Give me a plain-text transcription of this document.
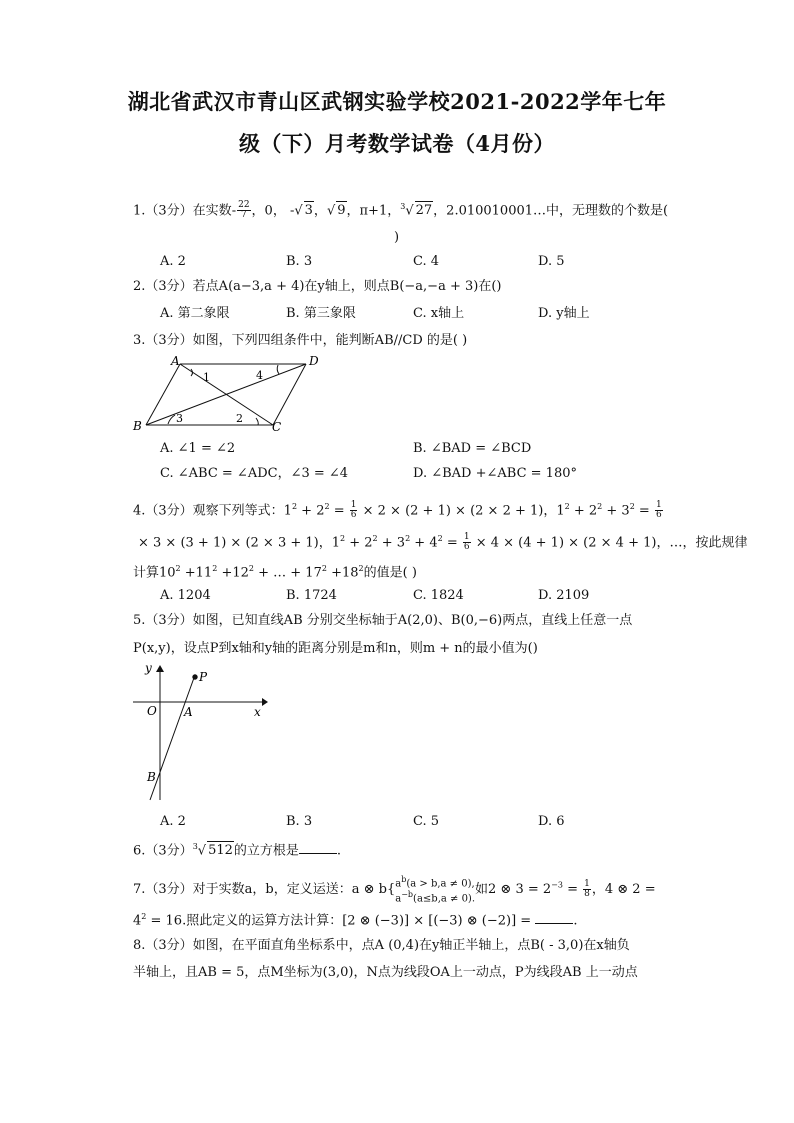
湖北省武汉市青山区武钢实验学校2021-2022学年七年
级（下）月考数学试卷（4月份）
1.（3分）在实数- $\frac{22}{7}$ ，0， -√ 3，√ 9，π+1，$^3$√ 27，2.010010001…中，无理数的个数是(
)
A. 2	B. 3	C. 4	D. 5
2.（3分）若点A(a−3,a + 4)在y轴上，则点B(−a,−a + 3)在()
A. 第二象限	B. 第三象限	C. x轴上	D. y轴上
3.（3分）如图，下列四组条件中，能判断AB//CD 的是( )
A	D
B	C
1	4
3	2
A. ∠1 = ∠2	B. ∠BAD = ∠BCD
C. ∠ABC = ∠ADC，∠3 = ∠4	D. ∠BAD +∠ABC = 180°
4.（3分）观察下列等式：$1^2 + 2^2 = \frac{1}{6} \times 2 \times (2 + 1) \times (2 \times 2 + 1)$，$1^2 + 2^2 + 3^2 = \frac{1}{6}$
× 3 × (3 + 1) × (2 × 3 + 1)，$1^2 + 2^2 + 3^2 + 4^2 = \frac{1}{6} \times 4 \times (4 + 1) \times (2 \times 4 + 1)$，…，按此规律
计算$10^2 +11^2 +12^2$ + … + $17^2 +18^2$的值是( )
A. 1204	B. 1724	C. 1824	D. 2109
5.（3分）如图，已知直线AB 分别交坐标轴于A(2,0)、B(0,−6)两点，直线上任意一点
P(x,y)，设点P到x轴和y轴的距离分别是m和n，则m + n的最小值为()
y
P
O A	x
B
A. 2	B. 3	C. 5	D. 6
6.（3分）$^3$√ 512的立方根是	.
7.（3分）对于实数a，b，定义运送：a ⊗ b{ $a^b(a > b,a \ne 0)$,
$a^{-b}(a\le b,a \ne 0)$.
如2 ⊗ $3 = 2^{-3} = \frac{1}{8}$ ，4 ⊗ 2 =
$4^2 = 16$.照此定义的运算方法计算：[2 ⊗ (−3)] × [(−3) ⊗ (−2)] =	.
8.（3分）如图，在平面直角坐标系中，点A (0,4)在y轴正半轴上，点B( - 3,0)在x轴负
半轴上，且AB = 5，点M坐标为(3,0)，N点为线段OA上一动点，P为线段AB 上一动点
